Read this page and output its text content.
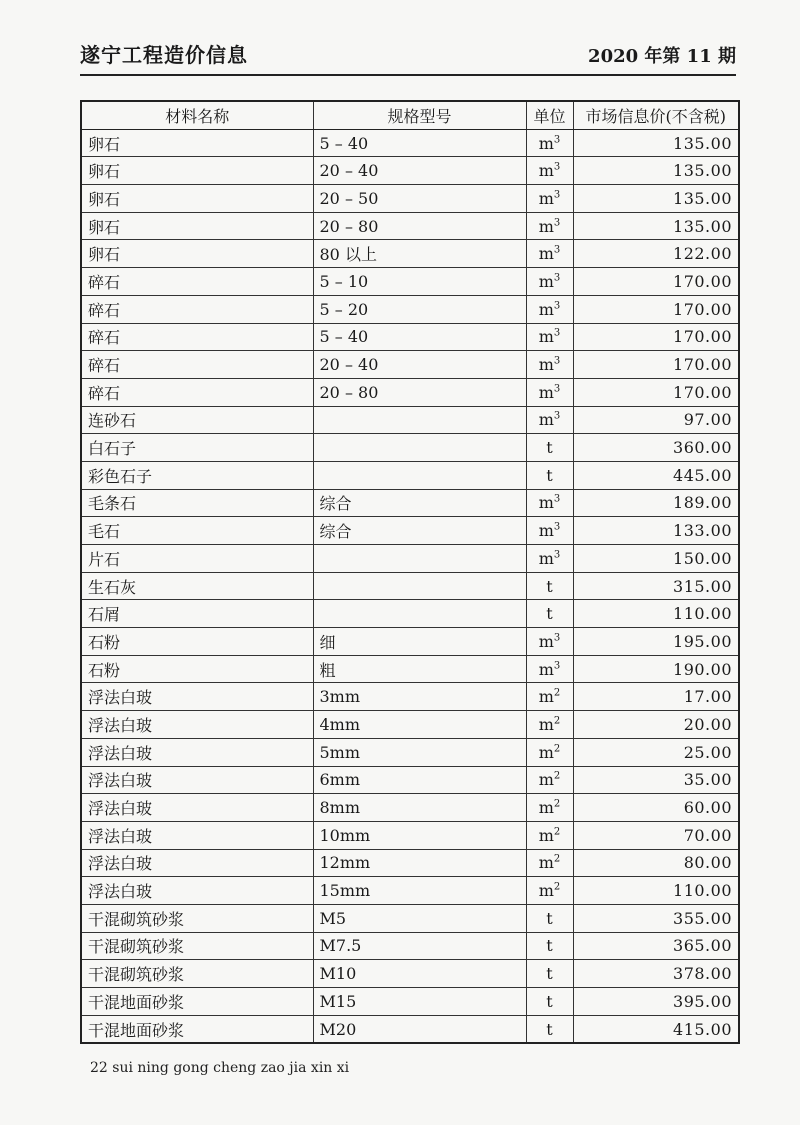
遂宁工程造价信息	2020 年第 11 期
材料名称	规格型号	单位	市场信息价(不含税)
卵石	5 – 40	$m^3$	135.00
卵石	20 – 40	$m^3$	135.00
卵石	20 – 50	$m^3$	135.00
卵石	20 – 80	$m^3$	135.00
卵石	80 以上	$m^3$	122.00
碎石	5 – 10	$m^3$	170.00
碎石	5 – 20	$m^3$	170.00
碎石	5 – 40	$m^3$	170.00
碎石	20 – 40	$m^3$	170.00
碎石	20 – 80	$m^3$	170.00
连砂石		$m^3$	97.00
白石子		t	360.00
彩色石子		t	445.00
毛条石	综合	$m^3$	189.00
毛石	综合	$m^3$	133.00
片石		$m^3$	150.00
生石灰		t	315.00
石屑		t	110.00
石粉	细	$m^3$	195.00
石粉	粗	$m^3$	190.00
浮法白玻	3mm	$m^2$	17.00
浮法白玻	4mm	$m^2$	20.00
浮法白玻	5mm	$m^2$	25.00
浮法白玻	6mm	$m^2$	35.00
浮法白玻	8mm	$m^2$	60.00
浮法白玻	10mm	$m^2$	70.00
浮法白玻	12mm	$m^2$	80.00
浮法白玻	15mm	$m^2$	110.00
干混砌筑砂浆	M5	t	355.00
干混砌筑砂浆	M7.5	t	365.00
干混砌筑砂浆	M10	t	378.00
干混地面砂浆	M15	t	395.00
干混地面砂浆	M20	t	415.00
22 sui ning gong cheng zao jia xin xi
